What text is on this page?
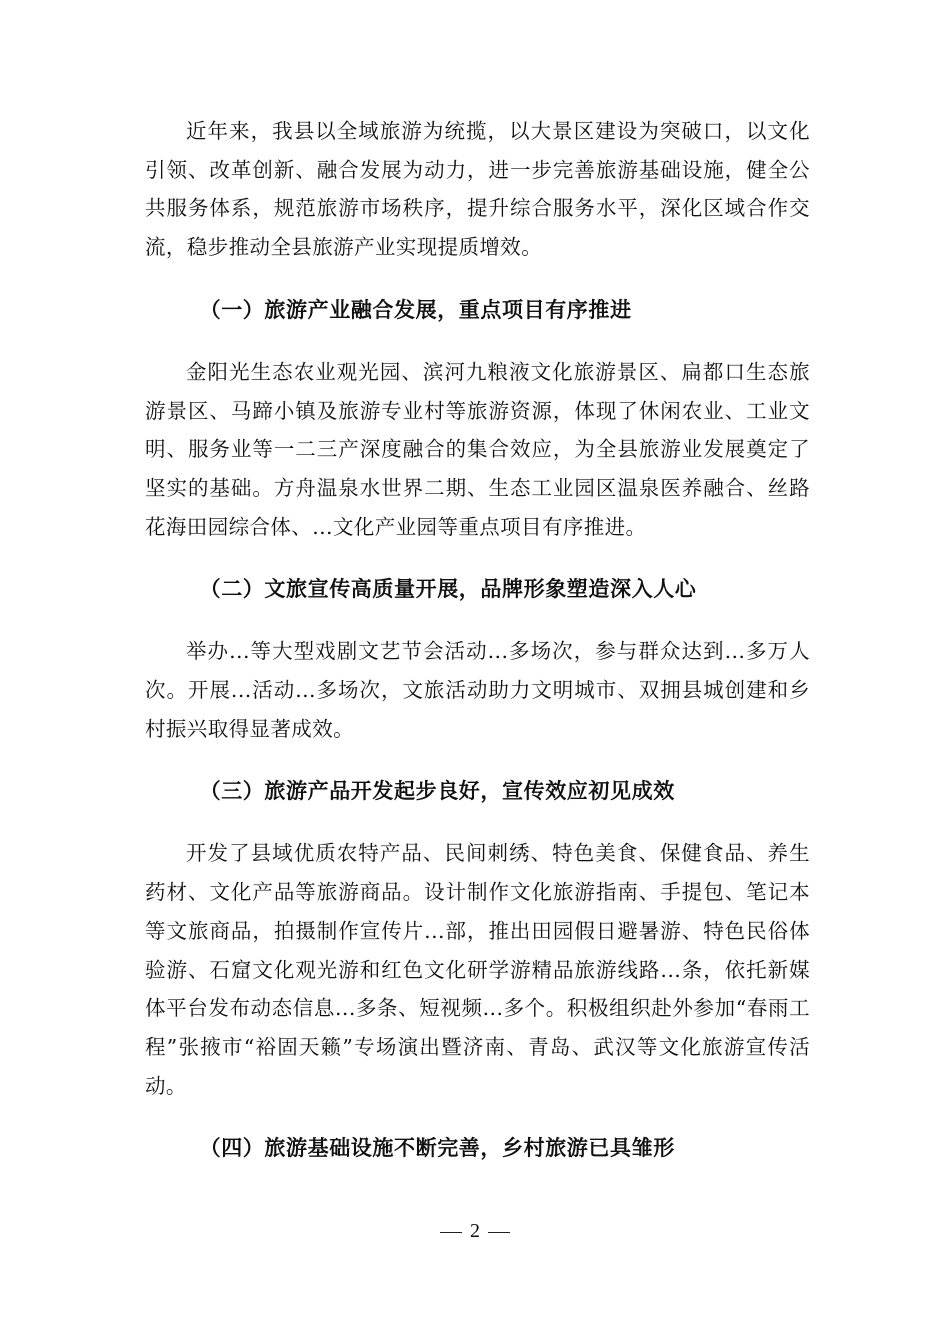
近年来，我县以全域旅游为统揽，以大景区建设为突破口，以文化引领、改革创新、融合发展为动力，进一步完善旅游基础设施，健全公共服务体系，规范旅游市场秩序，提升综合服务水平，深化区域合作交流，稳步推动全县旅游产业实现提质增效。

（一）旅游产业融合发展，重点项目有序推进

金阳光生态农业观光园、滨河九粮液文化旅游景区、扁都口生态旅游景区、马蹄小镇及旅游专业村等旅游资源，体现了休闲农业、工业文明、服务业等一二三产深度融合的集合效应，为全县旅游业发展奠定了坚实的基础。方舟温泉水世界二期、生态工业园区温泉医养融合、丝路花海田园综合体、...文化产业园等重点项目有序推进。

（二）文旅宣传高质量开展，品牌形象塑造深入人心

举办...等大型戏剧文艺节会活动...多场次，参与群众达到...多万人次。开展...活动...多场次，文旅活动助力文明城市、双拥县城创建和乡村振兴取得显著成效。

（三）旅游产品开发起步良好，宣传效应初见成效

开发了县域优质农特产品、民间刺绣、特色美食、保健食品、养生药材、文化产品等旅游商品。设计制作文化旅游指南、手提包、笔记本等文旅商品，拍摄制作宣传片...部，推出田园假日避暑游、特色民俗体验游、石窟文化观光游和红色文化研学游精品旅游线路...条，依托新媒体平台发布动态信息...多条、短视频...多个。积极组织赴外参加“春雨工程”张掖市“裕固天籁”专场演出暨济南、青岛、武汉等文化旅游宣传活动。

（四）旅游基础设施不断完善，乡村旅游已具雏形

2
